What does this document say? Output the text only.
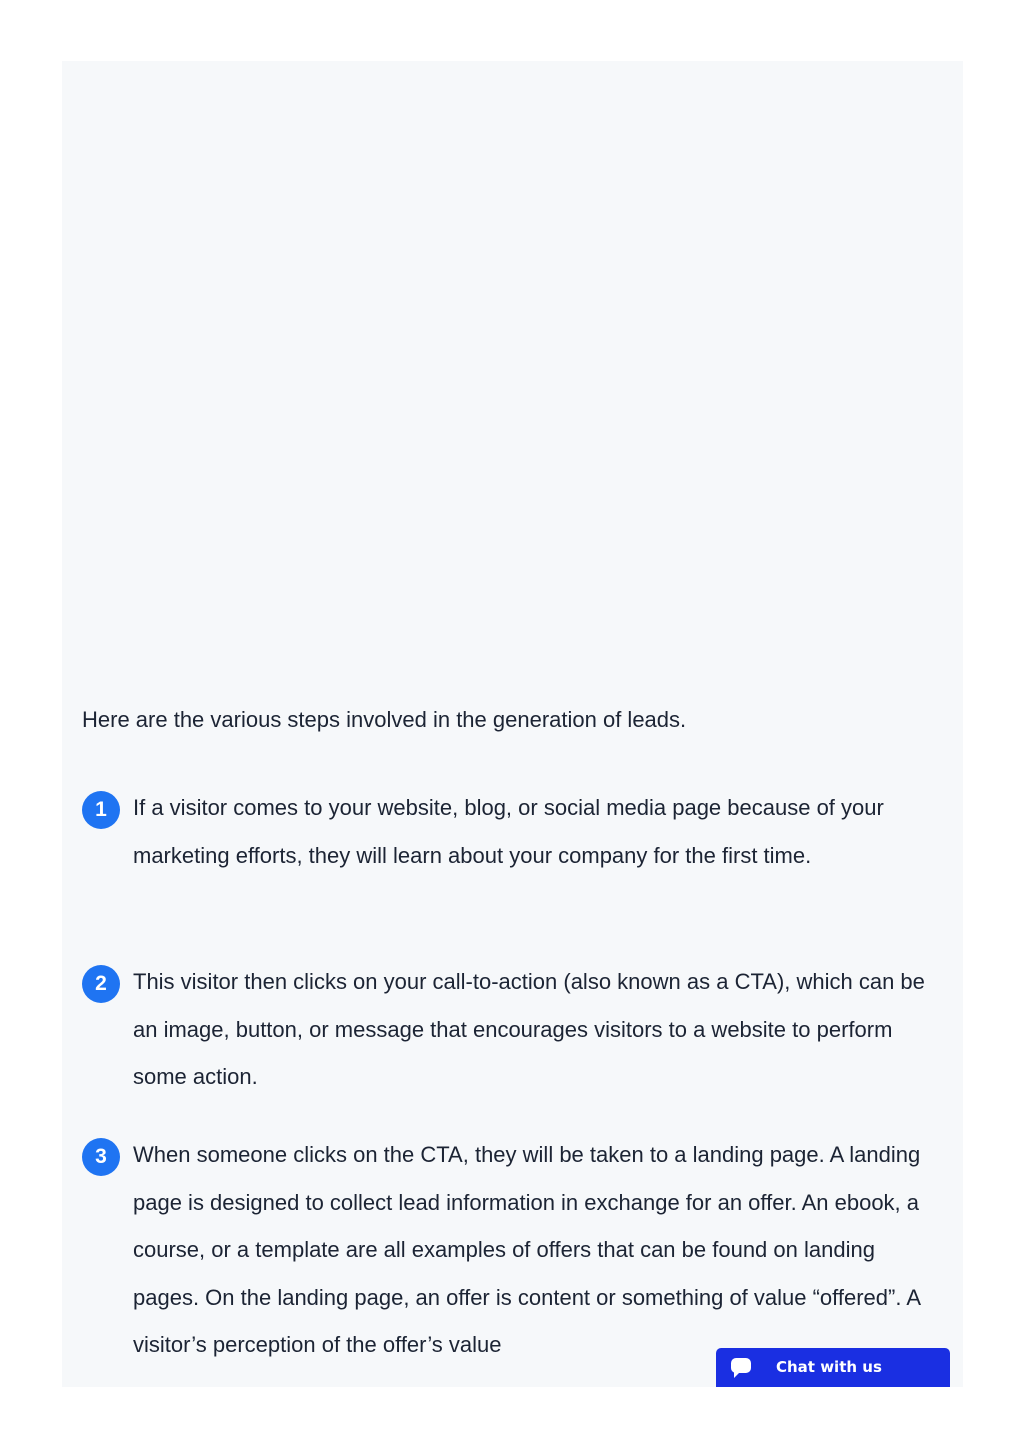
Here are the various steps involved in the generation of leads.

1	If a visitor comes to your website, blog, or social media page because of your marketing efforts, they will learn about your company for the first time.

2	This visitor then clicks on your call-to-action (also known as a CTA), which can be an image, button, or message that encourages visitors to a website to perform some action.

3	When someone clicks on the CTA, they will be taken to a landing page. A landing page is designed to collect lead information in exchange for an offer. An ebook, a course, or a template are all examples of offers that can be found on landing pages. On the landing page, an offer is content or something of value “offered”. A visitor’s perception of the offer’s value

Chat with us
